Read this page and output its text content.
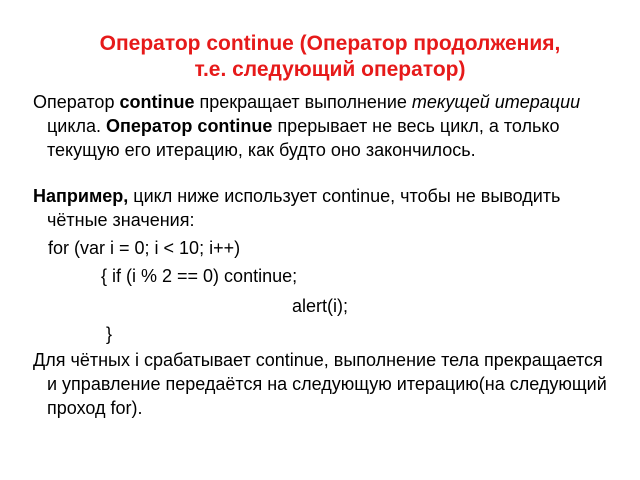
Оператор continue (Оператор продолжения,
т.е. следующий оператор)

Оператор continue прекращает выполнение текущей итерации цикла. Оператор continue прерывает не весь цикл, а только текущую его итерацию, как будто оно закончилось.

Например, цикл ниже использует continue, чтобы не выводить чётные значения:

for (var i = 0; i < 10; i++)
{ if (i % 2 == 0) continue;
alert(i);
}

Для чётных i срабатывает continue, выполнение тела прекращается и управление передаётся на следующую итерацию(на следующий проход for).
